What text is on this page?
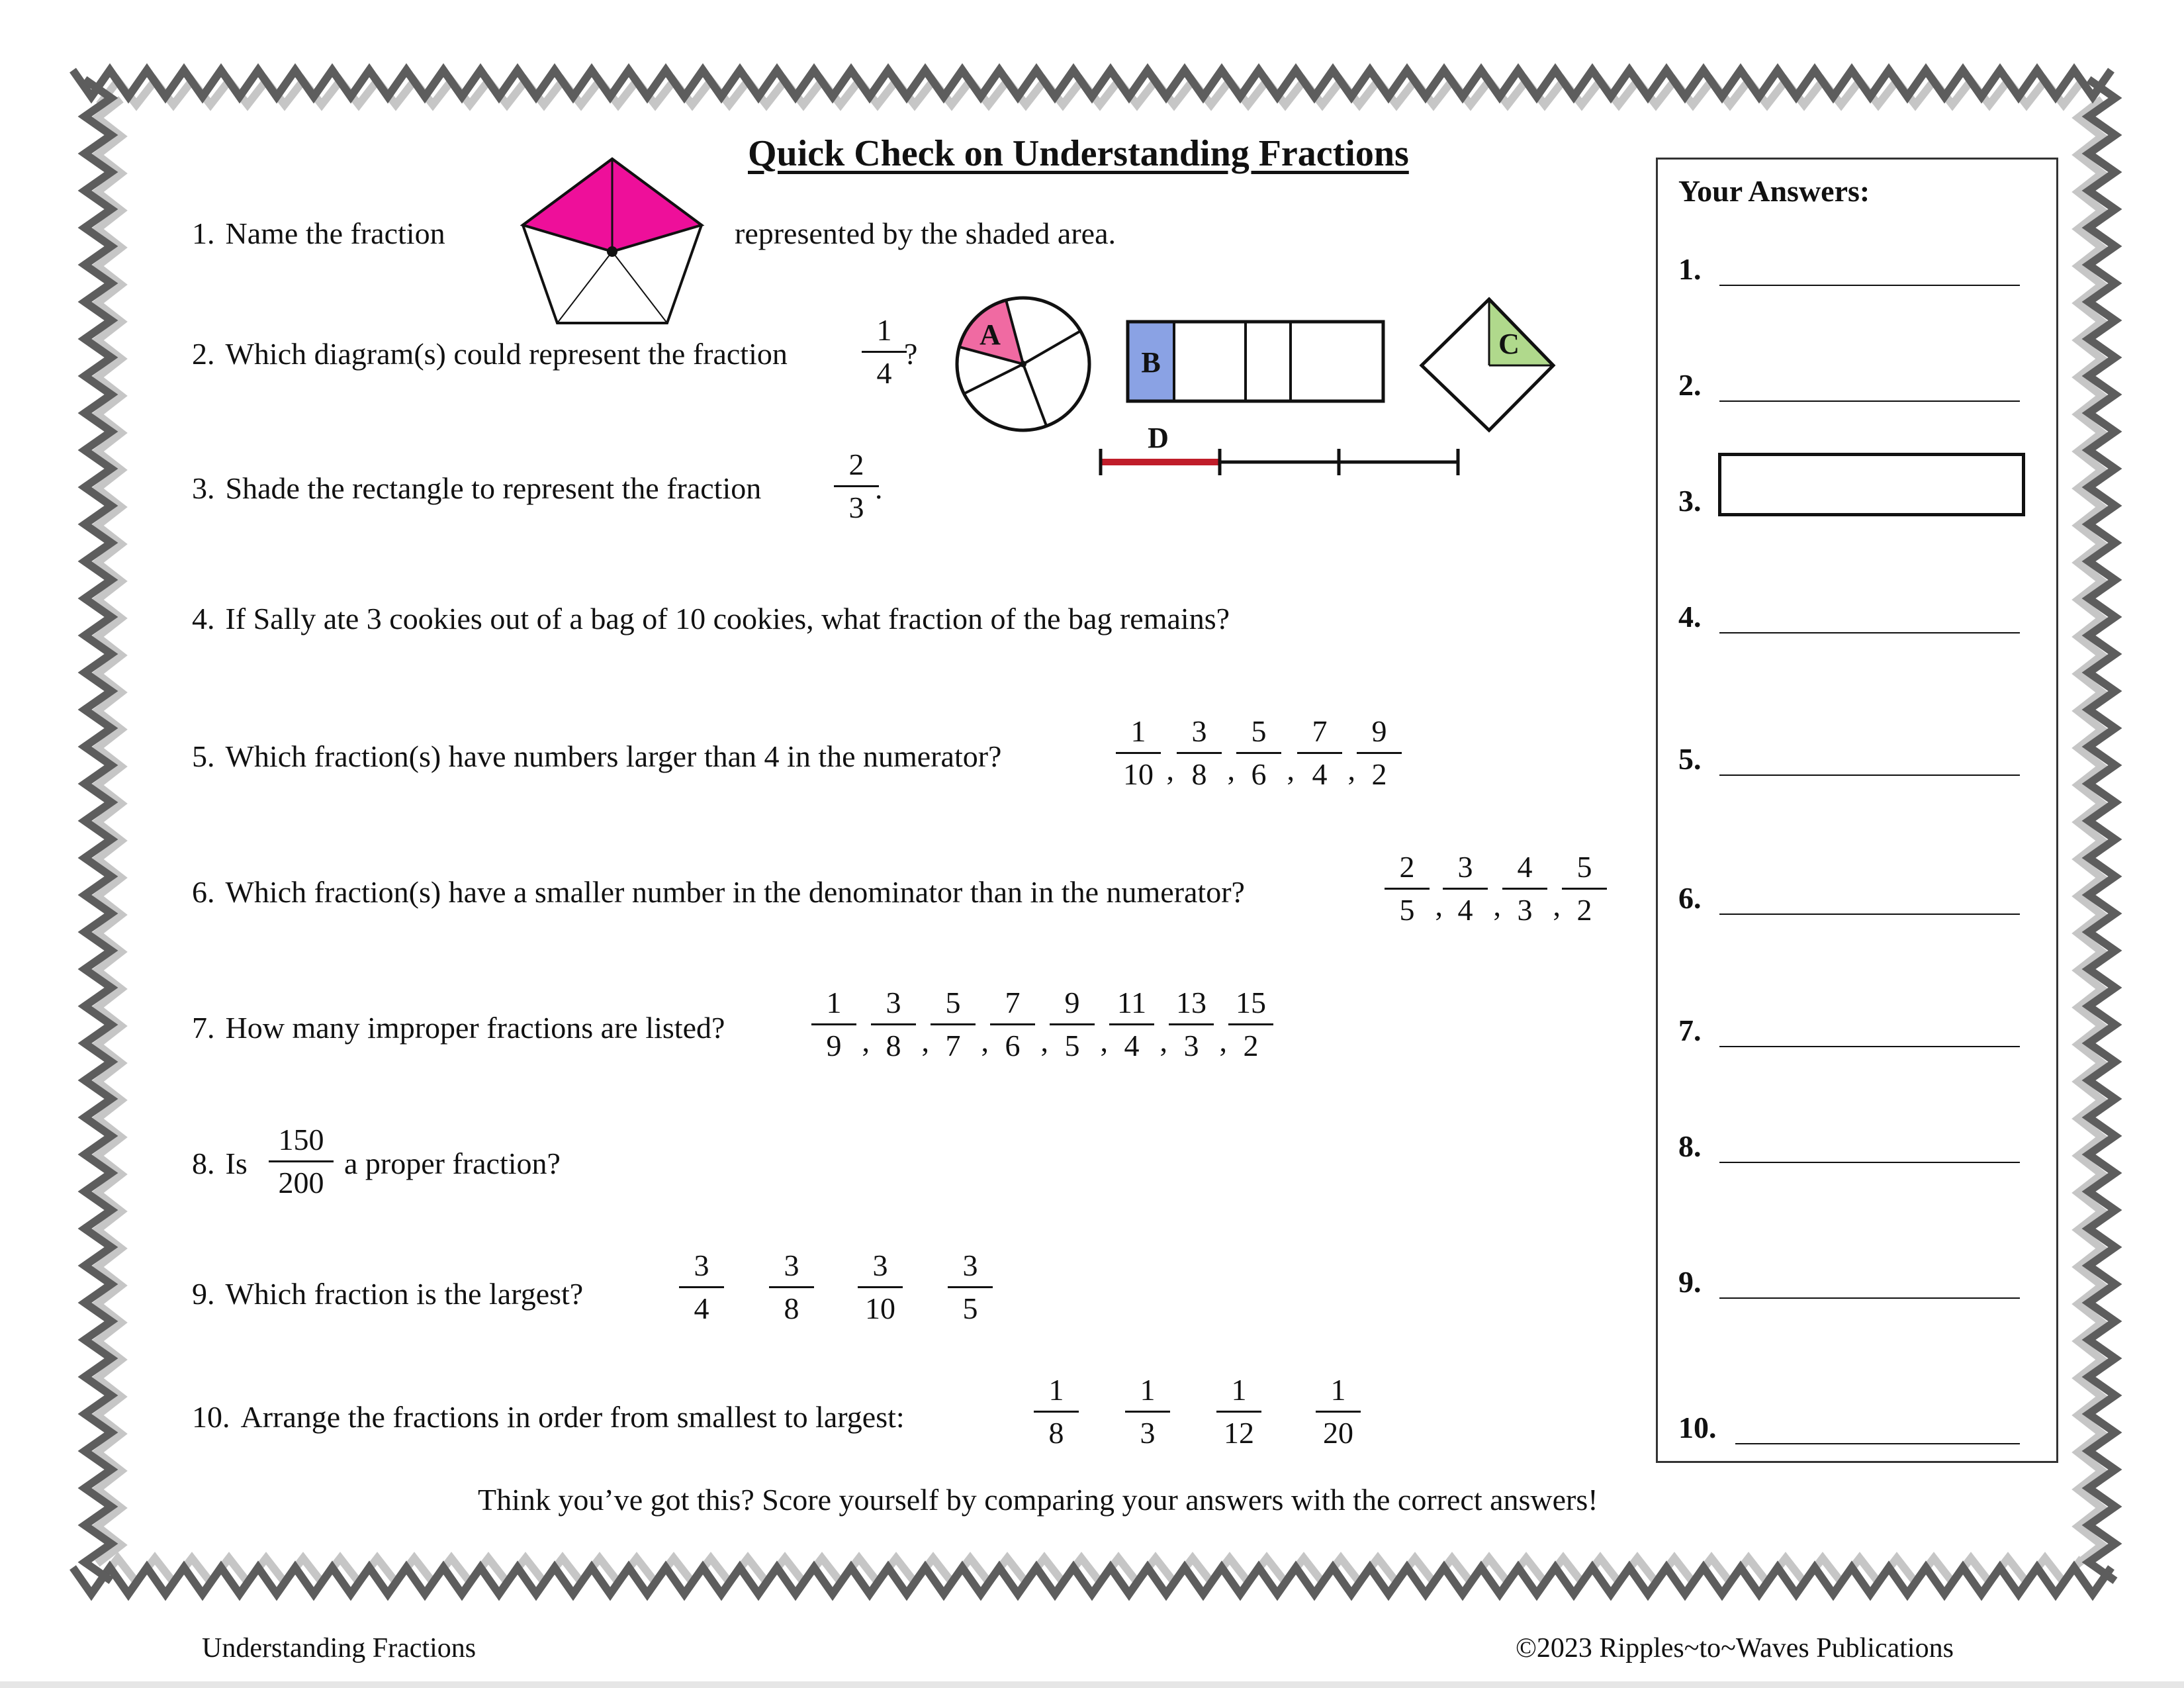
Quick Check on Understanding Fractions
1. Name the fraction	represented by the shaded area.
2. Which diagram(s) could represent the fraction
1
4
?
A
B
C
D
3. Shade the rectangle to represent the fraction
2
3
.
4. If Sally ate 3 cookies out of a bag of 10 cookies, what fraction of the bag remains?
5. Which fraction(s) have numbers larger than 4 in the numerator?
1
10 ,
3
8 ,
5
6 ,
7
4 ,
9
2
6. Which fraction(s) have a smaller number in the denominator than in the numerator?
2
5 ,
3
4 ,
4
3 ,
5
2
7. How many improper fractions are listed?
1
9 ,
3
8 ,
5
7 ,
7
6 ,
9
5 ,
11
4 ,
13
3 ,
15
2
8. Is
150
200
a proper fraction?
9. Which fraction is the largest?
3
4
3
8
3
10
3
5
10. Arrange the fractions in order from smallest to largest:
1
8
1
3
1
12
1
20
Think you’ve got this? Score yourself by comparing your answers with the correct answers!
Your Answers:
1.
2.
3.
4.
5.
6.
7.
8.
9.
10.
Understanding Fractions	©2023 Ripples~to~Waves Publications
